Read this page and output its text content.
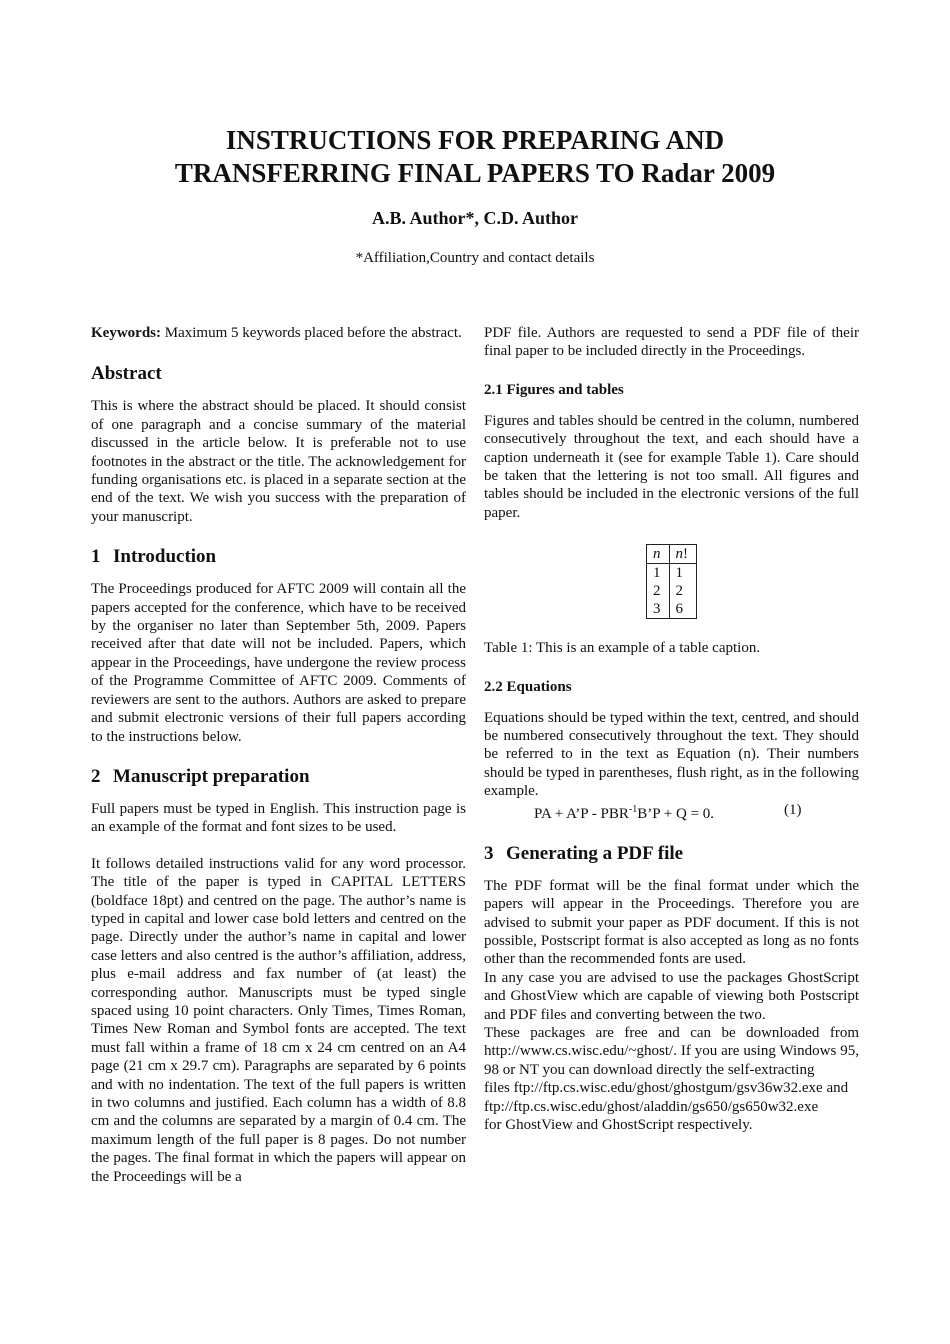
INSTRUCTIONS FOR PREPARING AND
TRANSFERRING FINAL PAPERS TO Radar 2009
A.B. Author*, C.D. Author
*Affiliation,Country and contact details

Keywords: Maximum 5 keywords placed before the abstract.

Abstract

This is where the abstract should be placed. It should consist of one paragraph and a concise summary of the material discussed in the article below. It is preferable not to use footnotes in the abstract or the title. The acknowledgement for funding organisations etc. is placed in a separate section at the end of the text. We wish you success with the preparation of your manuscript.

1 Introduction

The Proceedings produced for AFTC 2009 will contain all the papers accepted for the conference, which have to be received by the organiser no later than September 5th, 2009. Papers received after that date will not be included. Papers, which appear in the Proceedings, have undergone the review process of the Programme Committee of AFTC 2009. Comments of reviewers are sent to the authors. Authors are asked to prepare and submit electronic versions of their full papers according to the instructions below.

2 Manuscript preparation

Full papers must be typed in English. This instruction page is an example of the format and font sizes to be used.

It follows detailed instructions valid for any word processor. The title of the paper is typed in CAPITAL LETTERS (boldface 18pt) and centred on the page. The author’s name is typed in capital and lower case bold letters and centred on the page. Directly under the author’s name in capital and lower case letters and also centred is the author’s affiliation, address, plus e-mail address and fax number of (at least) the corresponding author. Manuscripts must be typed single spaced using 10 point characters. Only Times, Times Roman, Times New Roman and Symbol fonts are accepted. The text must fall within a frame of 18 cm x 24 cm centred on an A4 page (21 cm x 29.7 cm). Paragraphs are separated by 6 points and with no indentation. The text of the full papers is written in two columns and justified. Each column has a width of 8.8 cm and the columns are separated by a margin of 0.4 cm. The maximum length of the full paper is 8 pages. Do not number the pages. The final format in which the papers will appear on the Proceedings will be a

PDF file. Authors are requested to send a PDF file of their final paper to be included directly in the Proceedings.

2.1 Figures and tables

Figures and tables should be centred in the column, numbered consecutively throughout the text, and each should have a caption underneath it (see for example Table 1). Care should be taken that the lettering is not too small. All figures and tables should be included in the electronic versions of the full paper.

n	n!
1	1
2	2
3	6

Table 1: This is an example of a table caption.

2.2 Equations

Equations should be typed within the text, centred, and should be numbered consecutively throughout the text. They should be referred to in the text as Equation (n). Their numbers should be typed in parentheses, flush right, as in the following example.

PA + A’P - $PBR^{-1}B’P + Q = 0$.	(1)
3 Generating a PDF file

The PDF format will be the final format under which the papers will appear in the Proceedings. Therefore you are advised to submit your paper as PDF document. If this is not possible, Postscript format is also accepted as long as no fonts other than the recommended fonts are used.

In any case you are advised to use the packages GhostScript and GhostView which are capable of viewing both Postscript and PDF files and converting between the two.

These packages are free and can be downloaded from http://www.cs.wisc.edu/~ghost/. If you are using Windows 95, 98 or NT you can download directly the self-extracting

files ftp://ftp.cs.wisc.edu/ghost/ghostgum/gsv36w32.exe and

ftp://ftp.cs.wisc.edu/ghost/aladdin/gs650/gs650w32.exe

for GhostView and GhostScript respectively.
